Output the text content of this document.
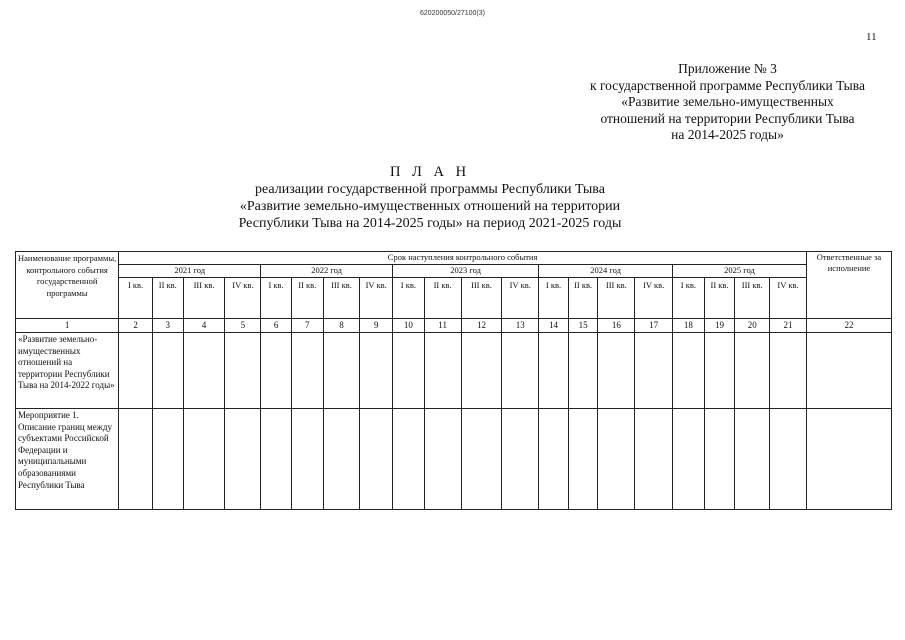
620200050/27100(3)
11
Приложение № 3
к государственной программе Республики Тыва
«Развитие земельно-имущественных
отношений на территории Республики Тыва
на 2014-2025 годы»
П Л А Н
реализации государственной программы Республики Тыва
«Развитие земельно-имущественных отношений на территории
Республики Тыва на 2014-2025 годы» на период 2021-2025 годы
Наименование программы, контрольного события государственной программы	Срок наступления контрольного события																				Ответственные за исполнение
	2021 год				2022 год				2023 год				2024 год				2025 год				
	I кв.	II кв.	III кв.	IV кв.	I кв.	II кв.	III кв.	IV кв.	I кв.	II кв.	III кв.	IV кв.	I кв.	II кв.	III кв.	IV кв.	I кв.	II кв.	III кв.	IV кв.	
1	2	3	4	5	6	7	8	9	10	11	12	13	14	15	16	17	18	19	20	21	22
«Развитие земельно-имущественных отношений на территории Республики Тыва на 2014-2022 годы»																					
Мероприятие 1. Описание границ между субъектами Российской Федерации и муниципальными образованиями Республики Тыва																					
